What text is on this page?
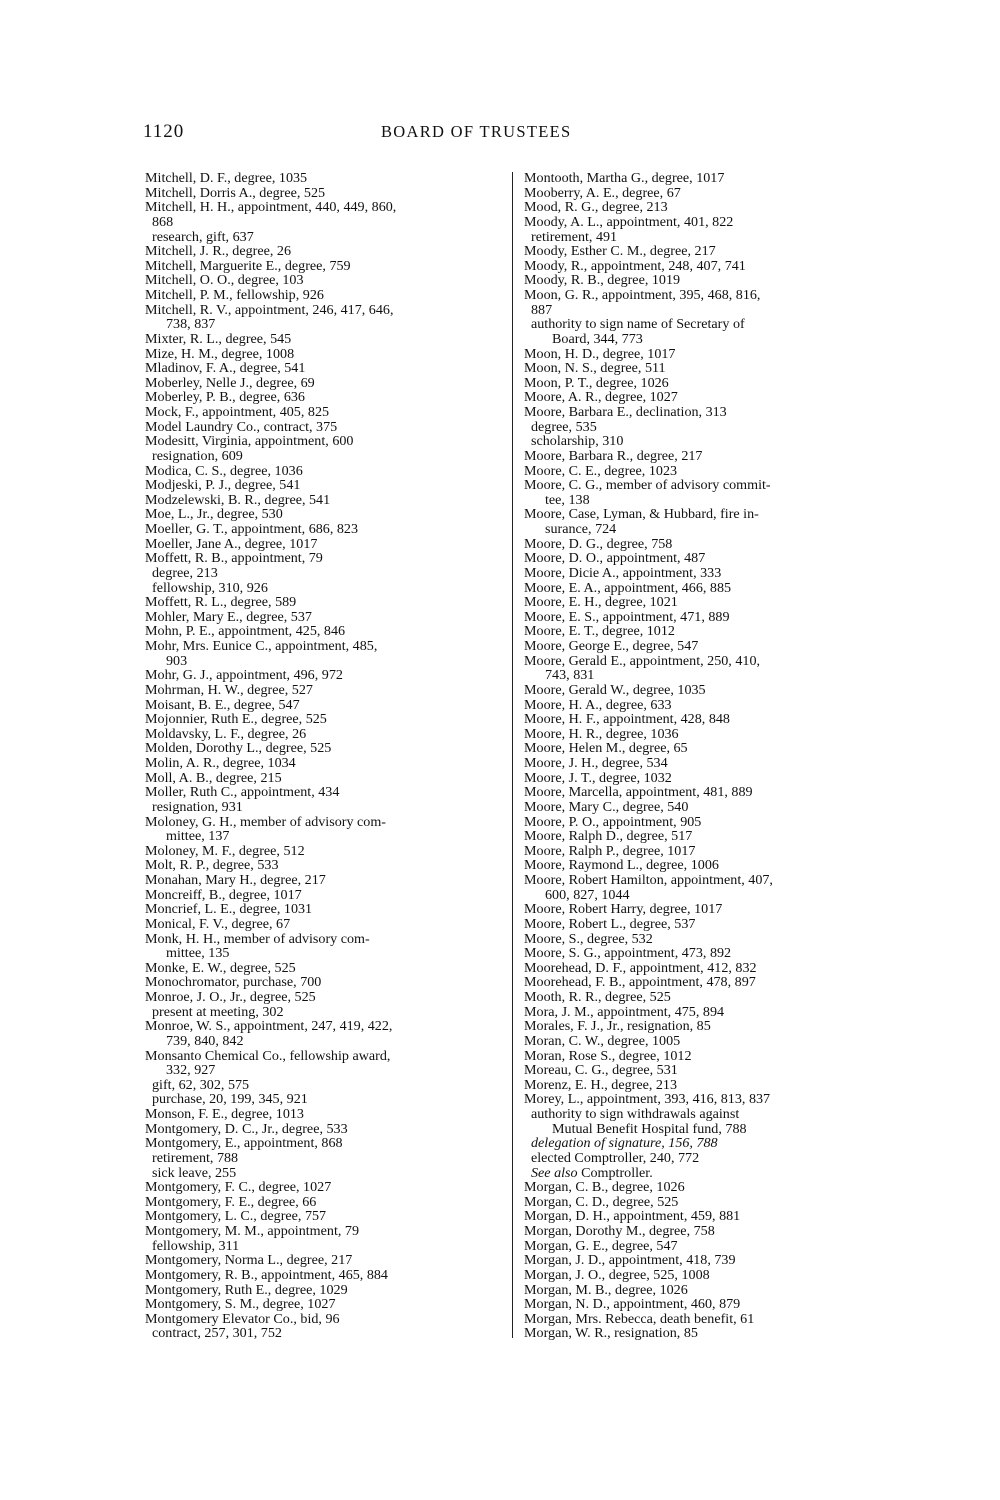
1120	BOARD OF TRUSTEES
Mitchell, D. F., degree, 1035
Mitchell, Dorris A., degree, 525
Mitchell, H. H., appointment, 440, 449, 860,
868
research, gift, 637
Mitchell, J. R., degree, 26
Mitchell, Marguerite E., degree, 759
Mitchell, O. O., degree, 103
Mitchell, P. M., fellowship, 926
Mitchell, R. V., appointment, 246, 417, 646,
738, 837
Mixter, R. L., degree, 545
Mize, H. M., degree, 1008
Mladinov, F. A., degree, 541
Moberley, Nelle J., degree, 69
Moberley, P. B., degree, 636
Mock, F., appointment, 405, 825
Model Laundry Co., contract, 375
Modesitt, Virginia, appointment, 600
resignation, 609
Modica, C. S., degree, 1036
Modjeski, P. J., degree, 541
Modzelewski, B. R., degree, 541
Moe, L., Jr., degree, 530
Moeller, G. T., appointment, 686, 823
Moeller, Jane A., degree, 1017
Moffett, R. B., appointment, 79
degree, 213
fellowship, 310, 926
Moffett, R. L., degree, 589
Mohler, Mary E., degree, 537
Mohn, P. E., appointment, 425, 846
Mohr, Mrs. Eunice C., appointment, 485,
903
Mohr, G. J., appointment, 496, 972
Mohrman, H. W., degree, 527
Moisant, B. E., degree, 547
Mojonnier, Ruth E., degree, 525
Moldavsky, L. F., degree, 26
Molden, Dorothy L., degree, 525
Molin, A. R., degree, 1034
Moll, A. B., degree, 215
Moller, Ruth C., appointment, 434
resignation, 931
Moloney, G. H., member of advisory com-
mittee, 137
Moloney, M. F., degree, 512
Molt, R. P., degree, 533
Monahan, Mary H., degree, 217
Moncreiff, B., degree, 1017
Moncrief, L. E., degree, 1031
Monical, F. V., degree, 67
Monk, H. H., member of advisory com-
mittee, 135
Monke, E. W., degree, 525
Monochromator, purchase, 700
Monroe, J. O., Jr., degree, 525
present at meeting, 302
Monroe, W. S., appointment, 247, 419, 422,
739, 840, 842
Monsanto Chemical Co., fellowship award,
332, 927
gift, 62, 302, 575
purchase, 20, 199, 345, 921
Monson, F. E., degree, 1013
Montgomery, D. C., Jr., degree, 533
Montgomery, E., appointment, 868
retirement, 788
sick leave, 255
Montgomery, F. C., degree, 1027
Montgomery, F. E., degree, 66
Montgomery, L. C., degree, 757
Montgomery, M. M., appointment, 79
fellowship, 311
Montgomery, Norma L., degree, 217
Montgomery, R. B., appointment, 465, 884
Montgomery, Ruth E., degree, 1029
Montgomery, S. M., degree, 1027
Montgomery Elevator Co., bid, 96
contract, 257, 301, 752
Montooth, Martha G., degree, 1017
Mooberry, A. E., degree, 67
Mood, R. G., degree, 213
Moody, A. L., appointment, 401, 822
retirement, 491
Moody, Esther C. M., degree, 217
Moody, R., appointment, 248, 407, 741
Moody, R. B., degree, 1019
Moon, G. R., appointment, 395, 468, 816,
887
authority to sign name of Secretary of
Board, 344, 773
Moon, H. D., degree, 1017
Moon, N. S., degree, 511
Moon, P. T., degree, 1026
Moore, A. R., degree, 1027
Moore, Barbara E., declination, 313
degree, 535
scholarship, 310
Moore, Barbara R., degree, 217
Moore, C. E., degree, 1023
Moore, C. G., member of advisory commit-
tee, 138
Moore, Case, Lyman, & Hubbard, fire in-
surance, 724
Moore, D. G., degree, 758
Moore, D. O., appointment, 487
Moore, Dicie A., appointment, 333
Moore, E. A., appointment, 466, 885
Moore, E. H., degree, 1021
Moore, E. S., appointment, 471, 889
Moore, E. T., degree, 1012
Moore, George E., degree, 547
Moore, Gerald E., appointment, 250, 410,
743, 831
Moore, Gerald W., degree, 1035
Moore, H. A., degree, 633
Moore, H. F., appointment, 428, 848
Moore, H. R., degree, 1036
Moore, Helen M., degree, 65
Moore, J. H., degree, 534
Moore, J. T., degree, 1032
Moore, Marcella, appointment, 481, 889
Moore, Mary C., degree, 540
Moore, P. O., appointment, 905
Moore, Ralph D., degree, 517
Moore, Ralph P., degree, 1017
Moore, Raymond L., degree, 1006
Moore, Robert Hamilton, appointment, 407,
600, 827, 1044
Moore, Robert Harry, degree, 1017
Moore, Robert L., degree, 537
Moore, S., degree, 532
Moore, S. G., appointment, 473, 892
Moorehead, D. F., appointment, 412, 832
Moorehead, F. B., appointment, 478, 897
Mooth, R. R., degree, 525
Mora, J. M., appointment, 475, 894
Morales, F. J., Jr., resignation, 85
Moran, C. W., degree, 1005
Moran, Rose S., degree, 1012
Moreau, C. G., degree, 531
Morenz, E. H., degree, 213
Morey, L., appointment, 393, 416, 813, 837
authority to sign withdrawals against
Mutual Benefit Hospital fund, 788
delegation of signature, 156, 788
elected Comptroller, 240, 772
See also Comptroller.
Morgan, C. B., degree, 1026
Morgan, C. D., degree, 525
Morgan, D. H., appointment, 459, 881
Morgan, Dorothy M., degree, 758
Morgan, G. E., degree, 547
Morgan, J. D., appointment, 418, 739
Morgan, J. O., degree, 525, 1008
Morgan, M. B., degree, 1026
Morgan, N. D., appointment, 460, 879
Morgan, Mrs. Rebecca, death benefit, 61
Morgan, W. R., resignation, 85
